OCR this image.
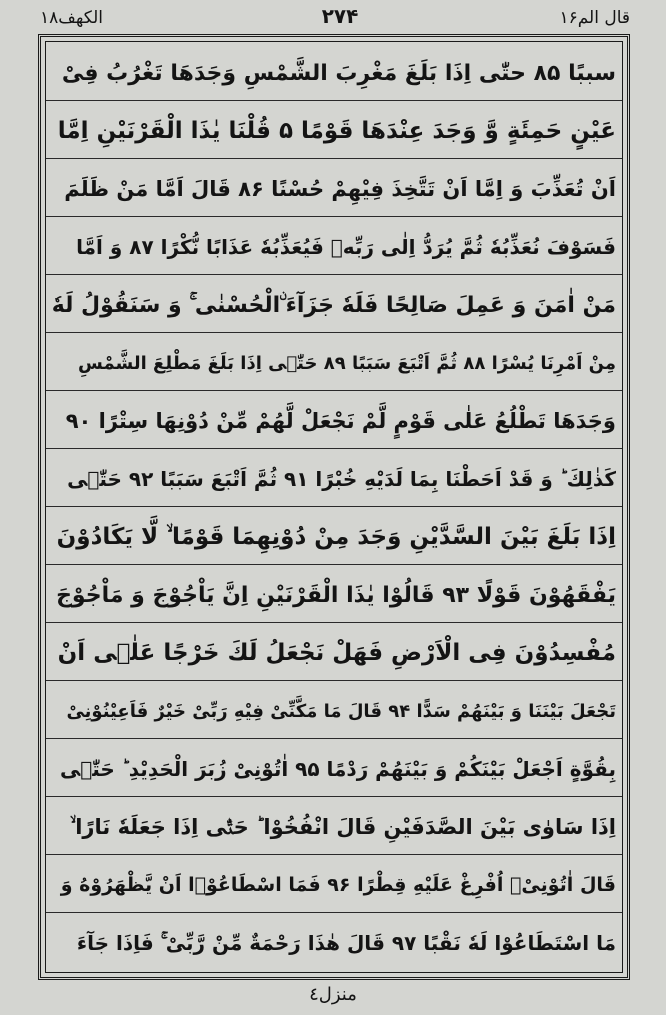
الکھف۱۸	۲۷۴	قال الم۱۶
سببًا ۸۵ حتّٰی اِذَا بَلَغَ مَغْرِبَ الشَّمْسِ وَجَدَهَا تَغْرُبُ فِیْ
عَیْنٍ حَمِئَةٍ وَّ وَجَدَ عِنْدَهَا قَوْمًا ۵ قُلْنَا یٰذَا الْقَرْنَیْنِ اِمَّا
اَنْ تُعَذِّبَ وَ اِمَّا اَنْ تَتَّخِذَ فِیْهِمْ حُسْنًا ۸۶ قَالَ اَمَّا مَنْ ظَلَمَ
فَسَوْفَ نُعَذِّبُهٗ ثُمَّ یُرَدُّ اِلٰی رَبِّهٖ فَیُعَذِّبُهٗ عَذَابًا نُّكْرًا ۸۷ وَ اَمَّا
مَنْ اٰمَنَ وَ عَمِلَ صَالِحًا فَلَهٗ جَزَآءَ ۨالْحُسْنٰی ۚ وَ سَنَقُوْلُ لَهٗ
مِنْ اَمْرِنَا یُسْرًا ۸۸ ثُمَّ اَتْبَعَ سَبَبًا ۸۹ حَتّٰۤی اِذَا بَلَغَ مَطْلِعَ الشَّمْسِ
وَجَدَهَا تَطْلُعُ عَلٰی قَوْمٍ لَّمْ نَجْعَلْ لَّهُمْ مِّنْ دُوْنِهَا سِتْرًا ۹۰
كَذٰلِكَ ؕ وَ قَدْ اَحَطْنَا بِمَا لَدَیْهِ خُبْرًا ۹۱ ثُمَّ اَتْبَعَ سَبَبًا ۹۲ حَتّٰۤی
اِذَا بَلَغَ بَیْنَ السَّدَّیْنِ وَجَدَ مِنْ دُوْنِهِمَا قَوْمًا ۙ لَّا یَكَادُوْنَ
یَفْقَهُوْنَ قَوْلًا ۹۳ قَالُوْا یٰذَا الْقَرْنَیْنِ اِنَّ یَاْجُوْجَ وَ مَاْجُوْجَ
مُفْسِدُوْنَ فِی الْاَرْضِ فَهَلْ نَجْعَلُ لَكَ خَرْجًا عَلٰۤی اَنْ
تَجْعَلَ بَیْنَنَا وَ بَیْنَهُمْ سَدًّا ۹۴ قَالَ مَا مَكَّنِّیْ فِیْهِ رَبِّیْ خَیْرٌ فَاَعِیْنُوْنِیْ
بِقُوَّةٍ اَجْعَلْ بَیْنَكُمْ وَ بَیْنَهُمْ رَدْمًا ۹۵ اٰتُوْنِیْ زُبَرَ الْحَدِیْدِ ؕ حَتّٰۤی
اِذَا سَاوٰی بَیْنَ الصَّدَفَیْنِ قَالَ انْفُخُوْا ؕ حَتّٰۤی اِذَا جَعَلَهٗ نَارًا ۙ
قَالَ اٰتُوْنِیْۤ اُفْرِغْ عَلَیْهِ قِطْرًا ۹۶ فَمَا اسْطَاعُوْۤا اَنْ یَّظْهَرُوْهُ وَ
مَا اسْتَطَاعُوْا لَهٗ نَقْبًا ۹۷ قَالَ هٰذَا رَحْمَةٌ مِّنْ رَّبِّیْ ۚ فَاِذَا جَآءَ
منزل٤
